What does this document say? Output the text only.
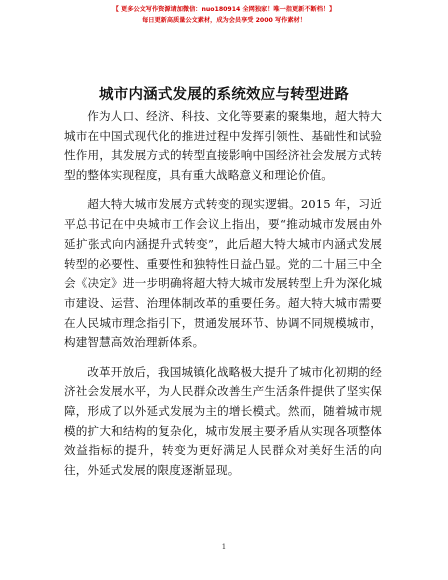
【 更多公文写作资源请加微信：nuo180914 全网独家！唯一指更新不断档！】
每日更新高质量公文素材，成为会员享受 2000 写作素材！
城市内涵式发展的系统效应与转型进路

作为人口、经济、科技、文化等要素的聚集地，超大特大城市在中国式现代化的推进过程中发挥引领性、基础性和试验性作用，其发展方式的转型直接影响中国经济社会发展方式转型的整体实现程度，具有重大战略意义和理论价值。

超大特大城市发展方式转变的现实逻辑。2015 年，习近平总书记在中央城市工作会议上指出，要“推动城市发展由外延扩张式向内涵提升式转变”，此后超大特大城市内涵式发展转型的必要性、重要性和独特性日益凸显。党的二十届三中全会《决定》进一步明确将超大特大城市发展转型上升为深化城市建设、运营、治理体制改革的重要任务。超大特大城市需要在人民城市理念指引下，贯通发展环节、协调不同规模城市，构建智慧高效治理新体系。

改革开放后，我国城镇化战略极大提升了城市化初期的经济社会发展水平，为人民群众改善生产生活条件提供了坚实保障，形成了以外延式发展为主的增长模式。然而，随着城市规模的扩大和结构的复杂化，城市发展主要矛盾从实现各项整体效益指标的提升，转变为更好满足人民群众对美好生活的向往，外延式发展的限度逐渐显现。

1
